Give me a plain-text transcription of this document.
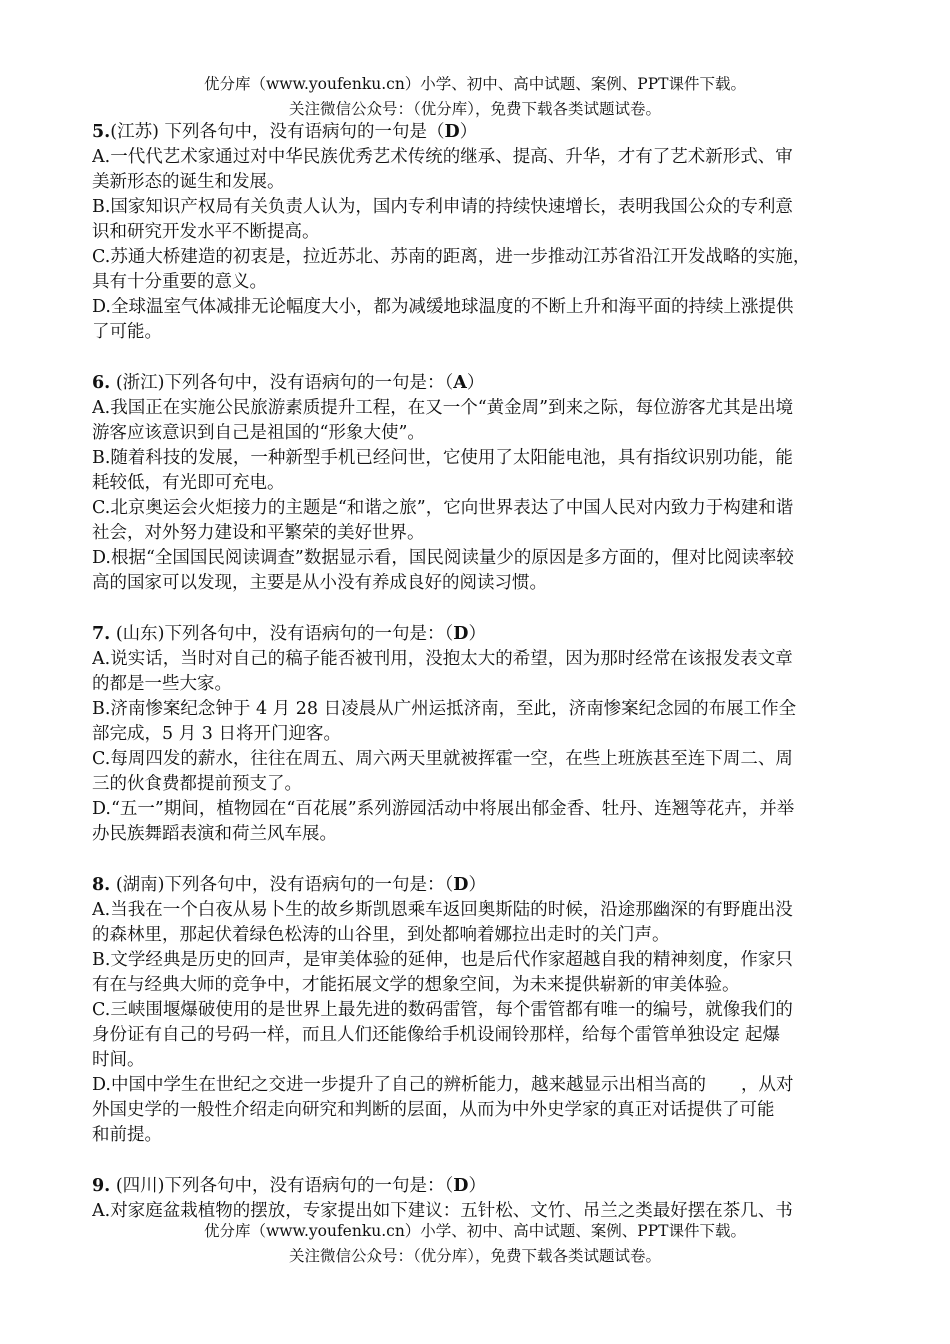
优分库（www.youfenku.cn）小学、初中、高中试题、案例、PPT课件下载。
关注微信公众号：（优分库），免费下载各类试题试卷。
5.(江苏) 下列各句中，没有语病句的一句是（D）
A.一代代艺术家通过对中华民族优秀艺术传统的继承、提高、升华，才有了艺术新形式、审
美新形态的诞生和发展。
B.国家知识产权局有关负责人认为，国内专利申请的持续快速增长，表明我国公众的专利意
识和研究开发水平不断提高。
C.苏通大桥建造的初衷是，拉近苏北、苏南的距离，进一步推动江苏省沿江开发战略的实施，
具有十分重要的意义。
D.全球温室气体减排无论幅度大小，都为减缓地球温度的不断上升和海平面的持续上涨提供
了可能。
6. (浙江)下列各句中，没有语病句的一句是：（A）
A.我国正在实施公民旅游素质提升工程，在又一个“黄金周”到来之际，每位游客尤其是出境
游客应该意识到自己是祖国的“形象大使”。
B.随着科技的发展，一种新型手机已经问世，它使用了太阳能电池，具有指纹识别功能，能
耗较低，有光即可充电。
C.北京奥运会火炬接力的主题是“和谐之旅”，它向世界表达了中国人民对内致力于构建和谐
社会，对外努力建设和平繁荣的美好世界。
D.根据“全国国民阅读调查”数据显示看，国民阅读量少的原因是多方面的，俚对比阅读率较
高的国家可以发现，主要是从小没有养成良好的阅读习惯。
7. (山东)下列各句中，没有语病句的一句是：（D）
A.说实话，当时对自己的稿子能否被刊用，没抱太大的希望，因为那时经常在该报发表文章
的都是一些大家。
B.济南惨案纪念钟于 4 月 28 日凌晨从广州运抵济南，至此，济南惨案纪念园的布展工作全
部完成，5 月 3 日将开门迎客。
C.每周四发的薪水，往往在周五、周六两天里就被挥霍一空，在些上班族甚至连下周二、周
三的伙食费都提前预支了。
D.“五一”期间，植物园在“百花展”系列游园活动中将展出郁金香、牡丹、连翘等花卉，并举
办民族舞蹈表演和荷兰风车展。
8. (湖南)下列各句中，没有语病句的一句是：（D）
A.当我在一个白夜从易卜生的故乡斯凯恩乘车返回奥斯陆的时候，沿途那幽深的有野鹿出没
的森林里，那起伏着绿色松涛的山谷里，到处都响着娜拉出走时的关门声。
B.文学经典是历史的回声，是审美体验的延伸，也是后代作家超越自我的精神刻度，作家只
有在与经典大师的竞争中，才能拓展文学的想象空间，为未来提供崭新的审美体验。
C.三峡围堰爆破使用的是世界上最先进的数码雷管，每个雷管都有唯一的编号，就像我们的
身份证有自己的号码一样，而且人们还能像给手机设闹铃那样，给每个雷管单独设定 起爆
时间。
D.中国中学生在世纪之交进一步提升了自己的辨析能力，越来越显示出相当高的　　，从对
外国史学的一般性介绍走向研究和判断的层面，从而为中外史学家的真正对话提供了可能
和前提。
9. (四川)下列各句中，没有语病句的一句是：（D）
A.对家庭盆栽植物的摆放，专家提出如下建议：五针松、文竹、吊兰之类最好摆在茶几、书
优分库（www.youfenku.cn）小学、初中、高中试题、案例、PPT课件下载。
关注微信公众号：（优分库），免费下载各类试题试卷。
